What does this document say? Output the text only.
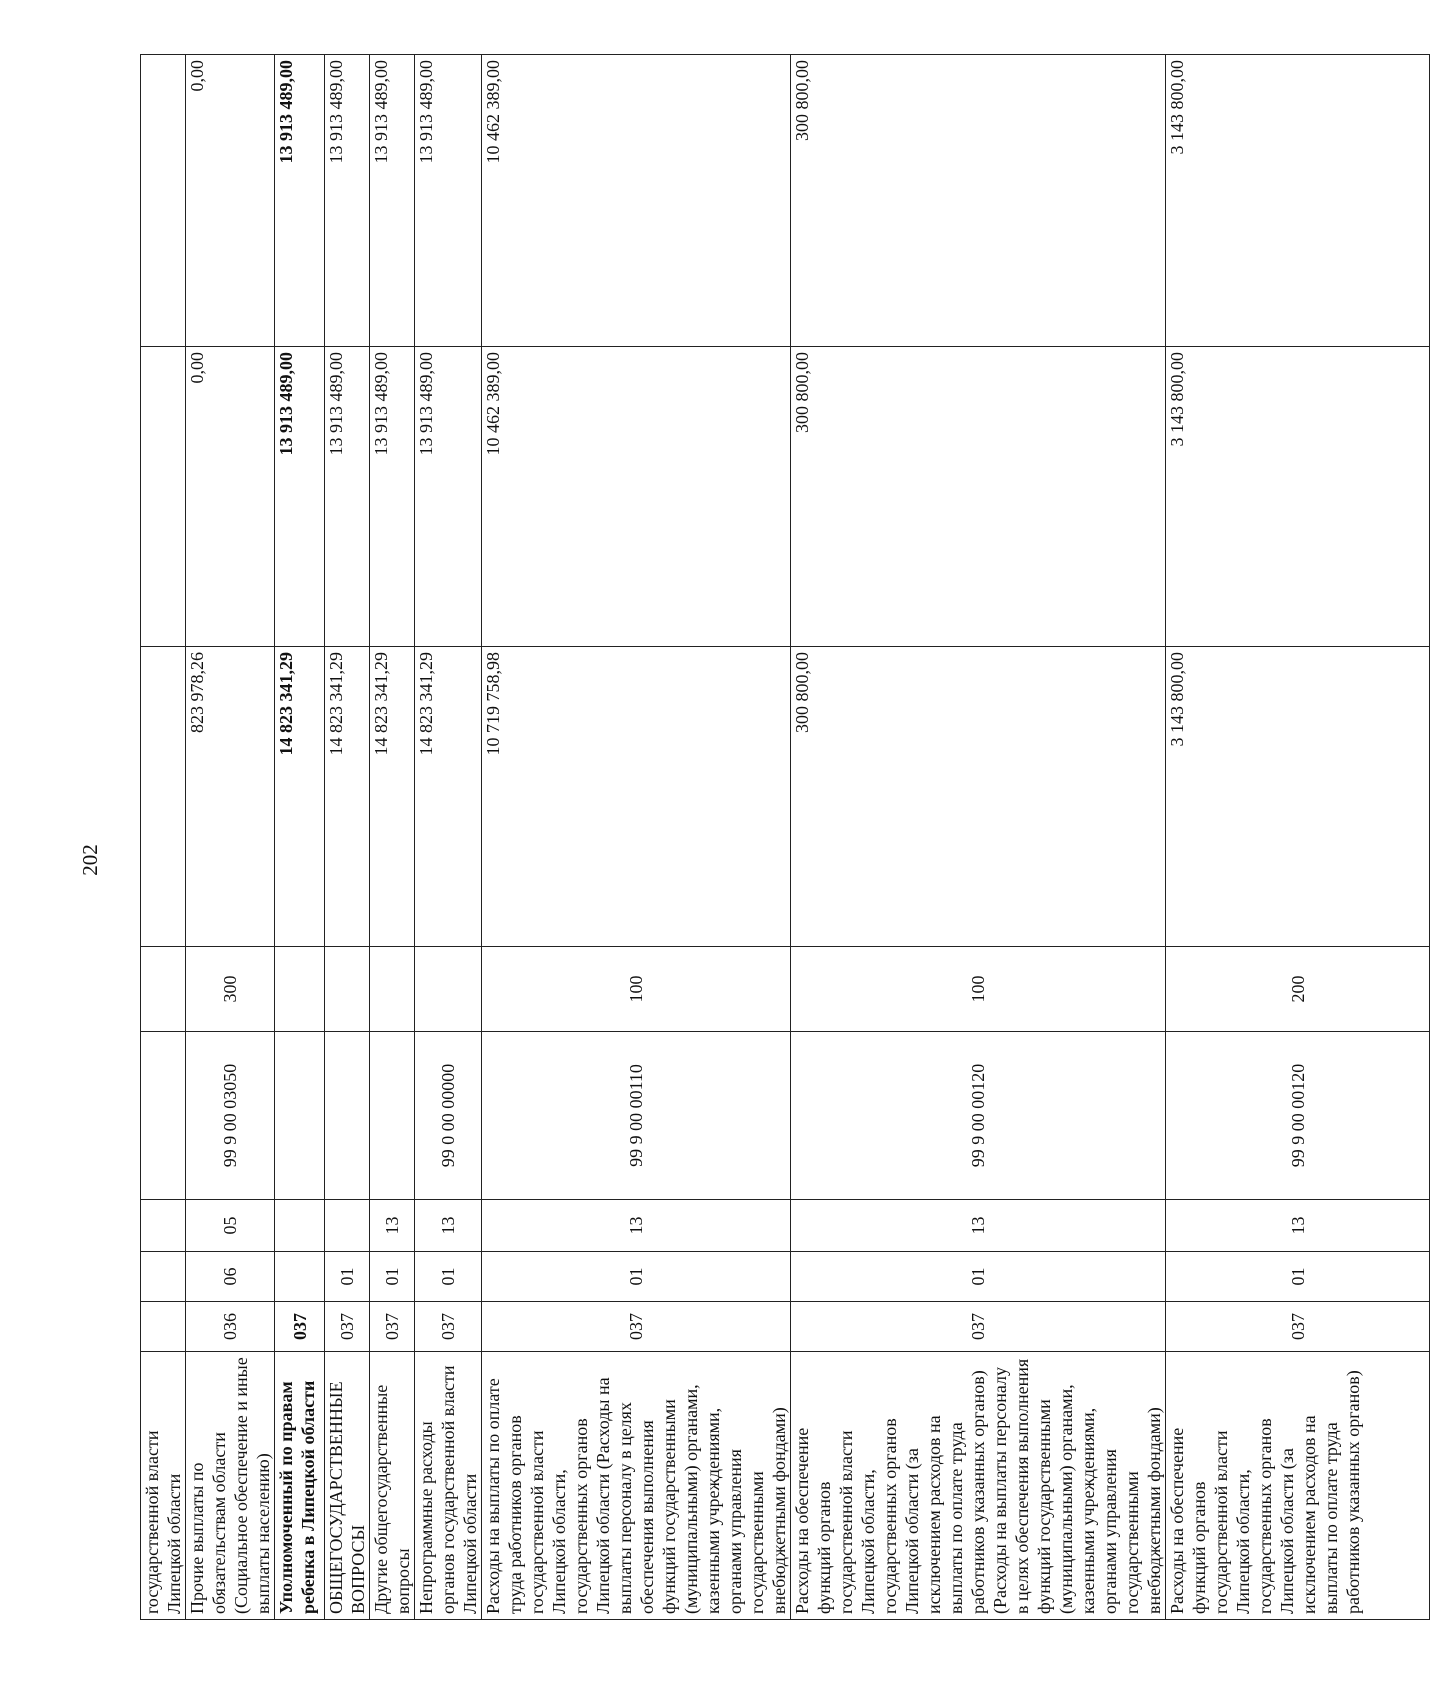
202
государственной власти Липецкой области								
Прочие выплаты по обязательствам области (Социальное обеспечение и иные выплаты населению)	036	06	05	99 9 00 03050	300	823 978,26	0,00	0,00
Уполномоченный по правам ребенка в Липецкой области	037					14 823 341,29	13 913 489,00	13 913 489,00
ОБЩЕГОСУДАРСТВЕННЫЕ ВОПРОСЫ	037	01				14 823 341,29	13 913 489,00	13 913 489,00
Другие общегосударственные вопросы	037	01	13			14 823 341,29	13 913 489,00	13 913 489,00
Непрограммные расходы органов государственной власти Липецкой области	037	01	13	99 0 00 00000		14 823 341,29	13 913 489,00	13 913 489,00
Расходы на выплаты по оплате труда работников органов государственной власти Липецкой области, государственных органов Липецкой области (Расходы на выплаты персоналу в целях обеспечения выполнения функций государственными (муниципальными) органами, казенными учреждениями, органами управления государственными внебюджетными фондами)	037	01	13	99 9 00 00110	100	10 719 758,98	10 462 389,00	10 462 389,00
Расходы на обеспечение функций органов государственной власти Липецкой области, государственных органов Липецкой области (за исключением расходов на выплаты по оплате труда работников указанных органов) (Расходы на выплаты персоналу в целях обеспечения выполнения функций государственными (муниципальными) органами, казенными учреждениями, органами управления государственными внебюджетными фондами)	037	01	13	99 9 00 00120	100	300 800,00	300 800,00	300 800,00
Расходы на обеспечение функций органов государственной власти Липецкой области, государственных органов Липецкой области (за исключением расходов на выплаты по оплате труда работников указанных органов)	037	01	13	99 9 00 00120	200	3 143 800,00	3 143 800,00	3 143 800,00
